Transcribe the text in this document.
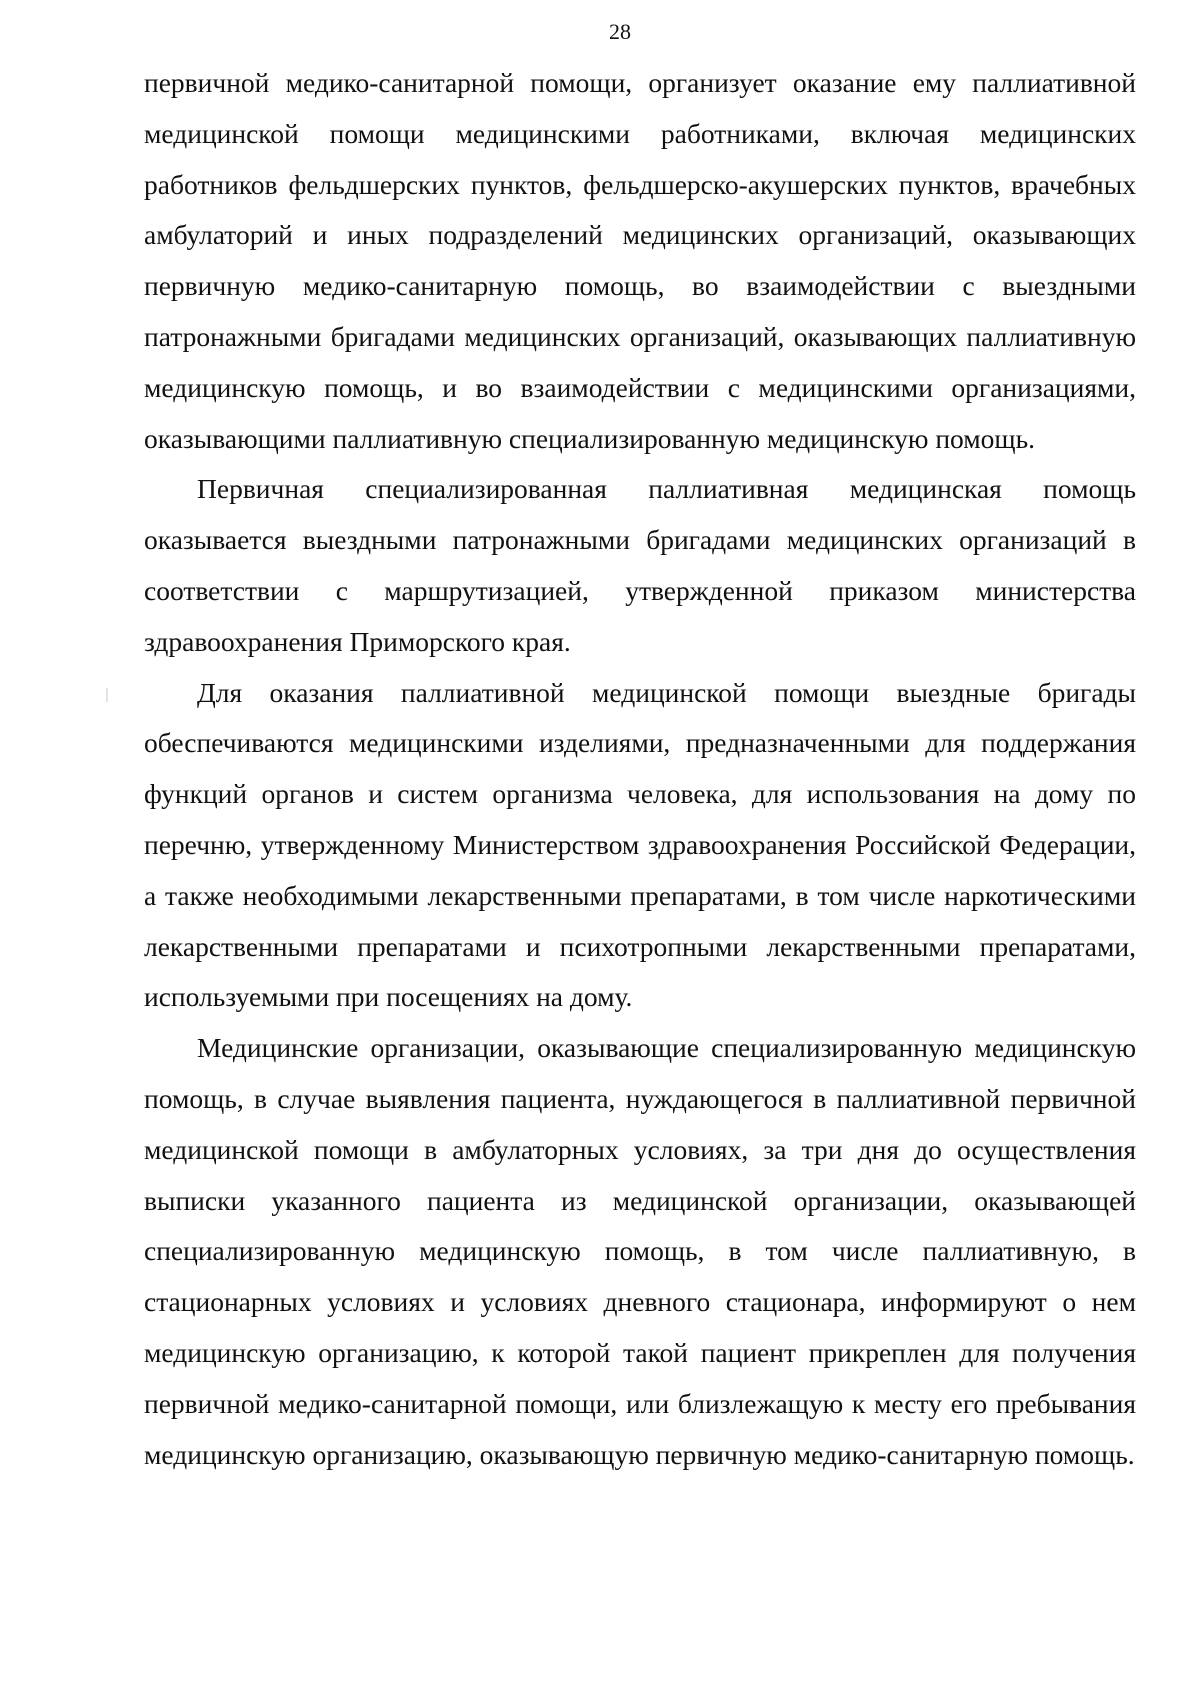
28

первичной медико-санитарной помощи, организует оказание ему паллиативной медицинской помощи медицинскими работниками, включая медицинских работников фельдшерских пунктов, фельдшерско-акушерских пунктов, врачебных амбулаторий и иных подразделений медицинских организаций, оказывающих первичную медико-санитарную помощь, во взаимодействии с выездными патронажными бригадами медицинских организаций, оказывающих паллиативную медицинскую помощь, и во взаимодействии с медицинскими организациями, оказывающими паллиативную специализированную медицинскую помощь.

Первичная специализированная паллиативная медицинская помощь оказывается выездными патронажными бригадами медицинских организаций в соответствии с маршрутизацией, утвержденной приказом министерства здравоохранения Приморского края.

Для оказания паллиативной медицинской помощи выездные бригады обеспечиваются медицинскими изделиями, предназначенными для поддержания функций органов и систем организма человека, для использования на дому по перечню, утвержденному Министерством здравоохранения Российской Федерации, а также необходимыми лекарственными препаратами, в том числе наркотическими лекарственными препаратами и психотропными лекарственными препаратами, используемыми при посещениях на дому.

Медицинские организации, оказывающие специализированную медицинскую помощь, в случае выявления пациента, нуждающегося в паллиативной первичной медицинской помощи в амбулаторных условиях, за три дня до осуществления выписки указанного пациента из медицинской организации, оказывающей специализированную медицинскую помощь, в том числе паллиативную, в стационарных условиях и условиях дневного стационара, информируют о нем медицинскую организацию, к которой такой пациент прикреплен для получения первичной медико-санитарной помощи, или близлежащую к месту его пребывания медицинскую организацию, оказывающую первичную медико-санитарную помощь.
